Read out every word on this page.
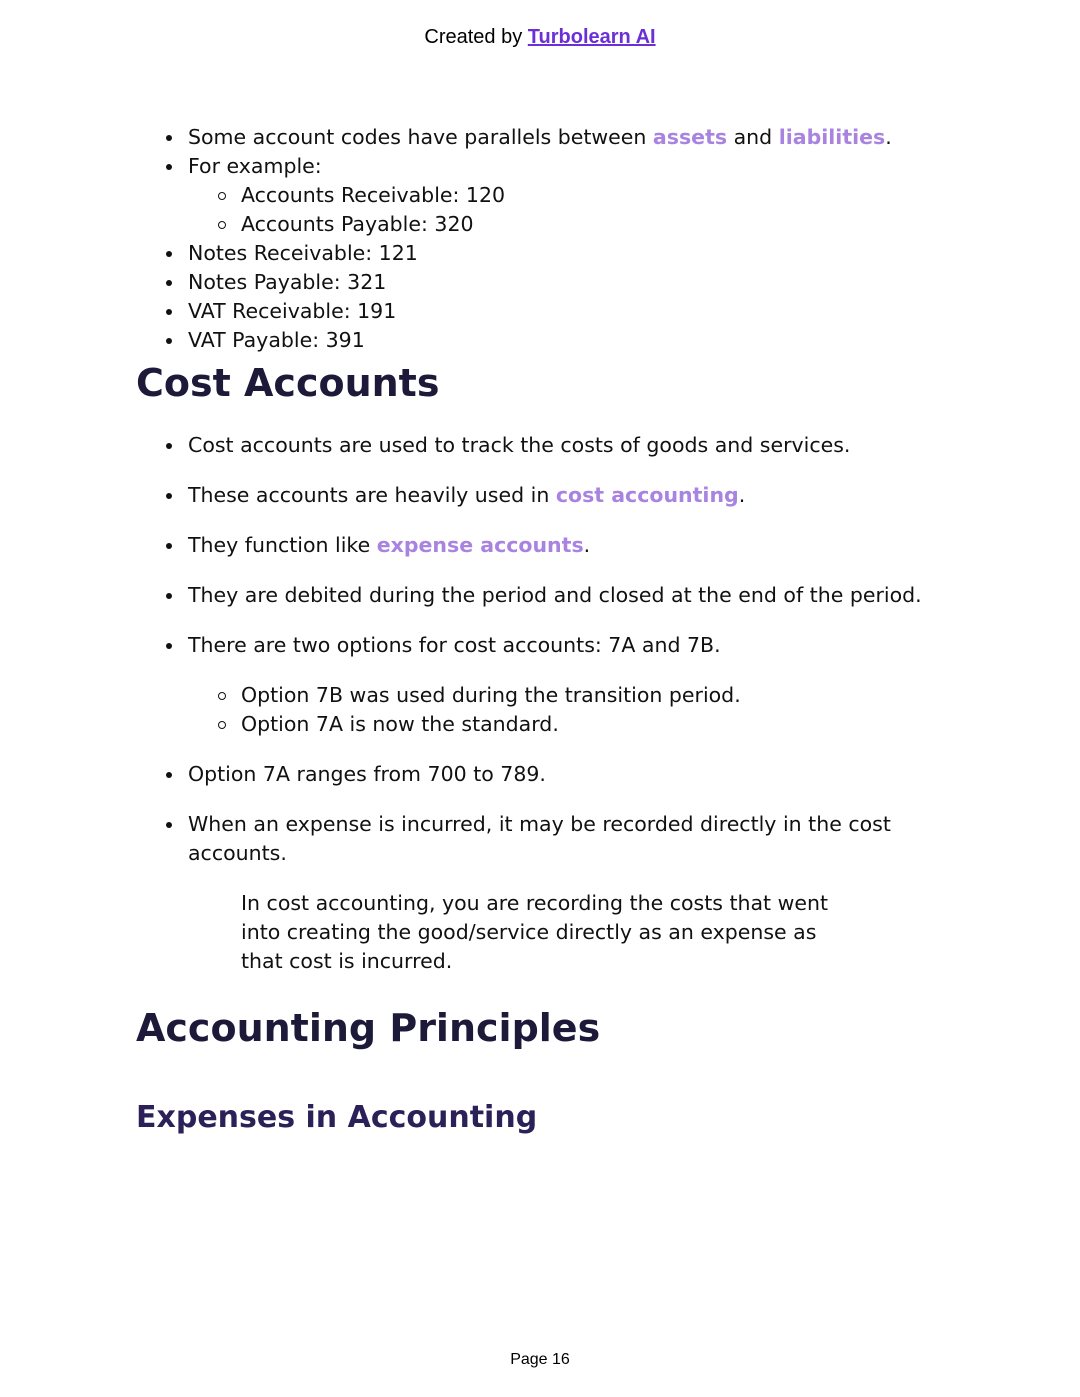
Created by Turbolearn AI
Some account codes have parallels between assets and liabilities.
For example:
Accounts Receivable: 120
Accounts Payable: 320
Notes Receivable: 121
Notes Payable: 321
VAT Receivable: 191
VAT Payable: 391
Cost Accounts
Cost accounts are used to track the costs of goods and services.
These accounts are heavily used in cost accounting.
They function like expense accounts.
They are debited during the period and closed at the end of the period.
There are two options for cost accounts: 7A and 7B.
Option 7B was used during the transition period.
Option 7A is now the standard.
Option 7A ranges from 700 to 789.
When an expense is incurred, it may be recorded directly in the cost accounts.
In cost accounting, you are recording the costs that went into creating the good/service directly as an expense as that cost is incurred.
Accounting Principles
Expenses in Accounting
Page 16
